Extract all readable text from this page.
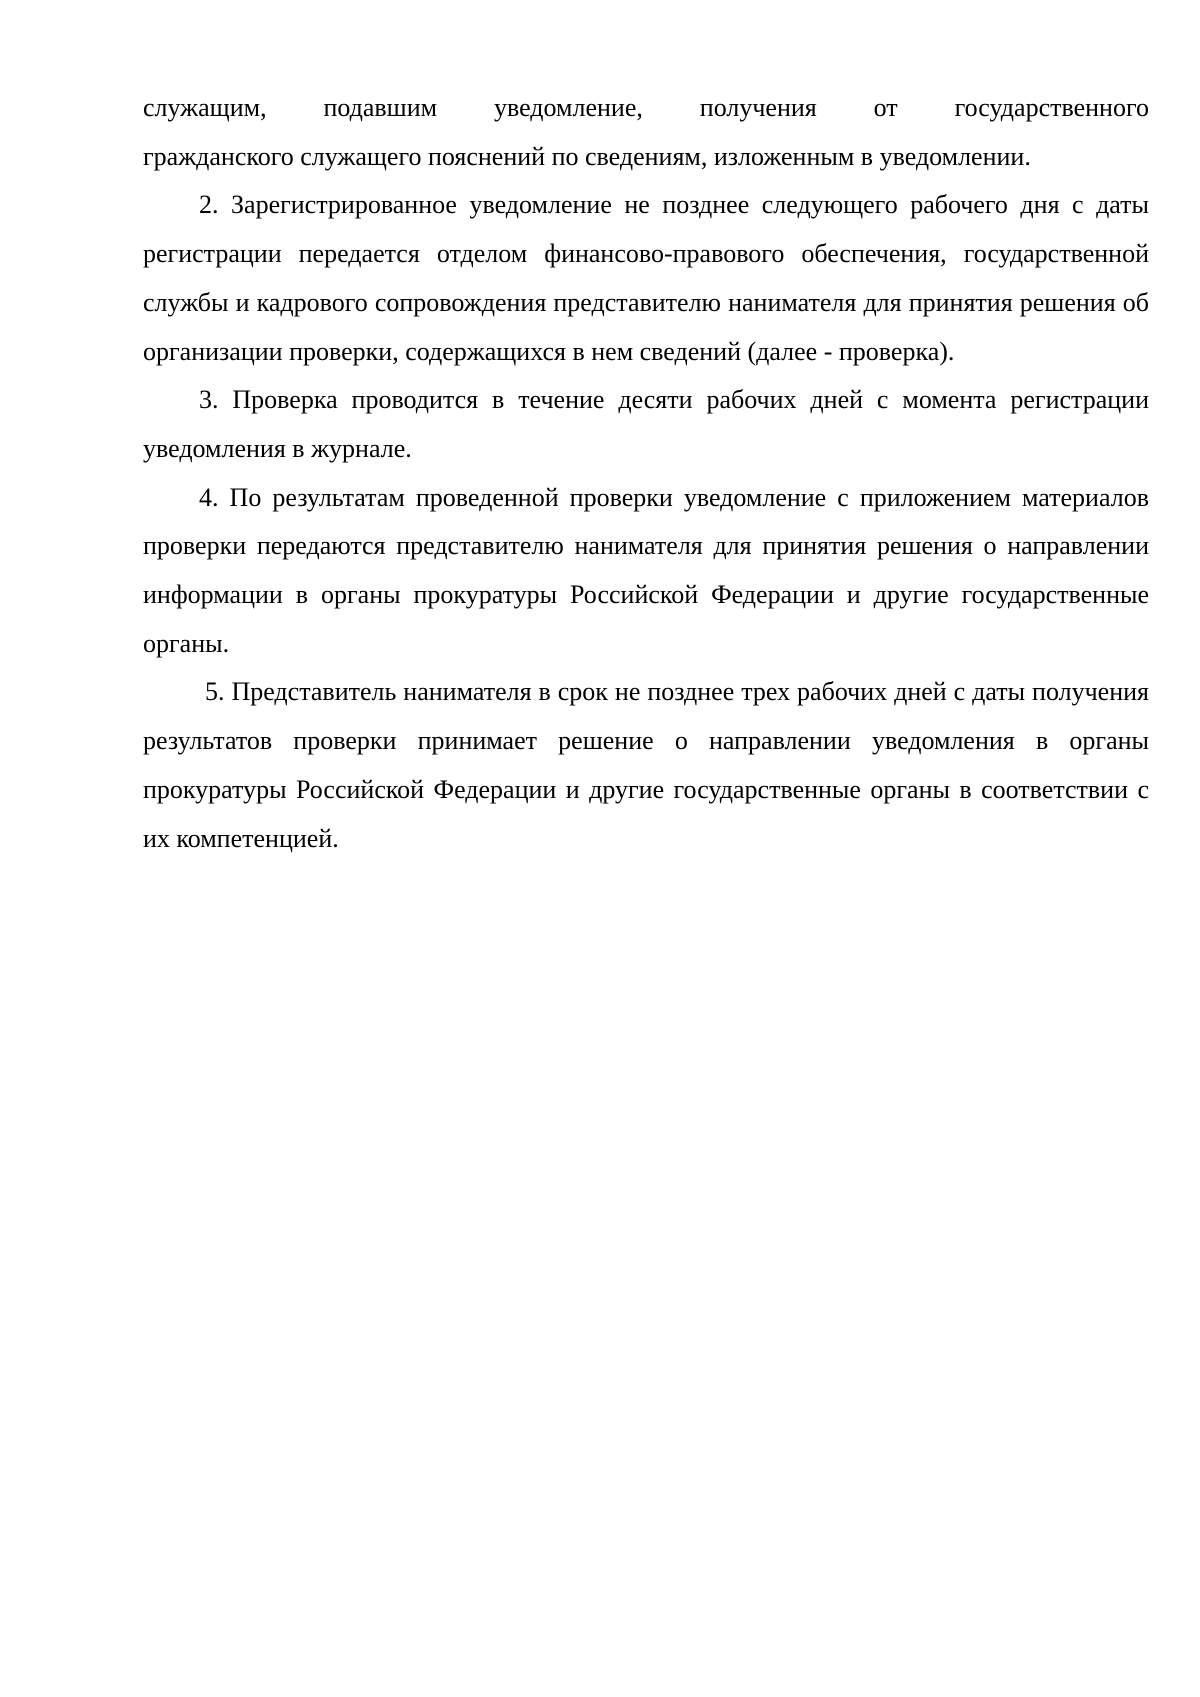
служащим, подавшим уведомление, получения от государственного
гражданского служащего пояснений по сведениям, изложенным в уведомлении.

2. Зарегистрированное уведомление не позднее следующего рабочего дня с даты регистрации передается отделом финансово-правового обеспечения, государственной службы и кадрового сопровождения представителю нанимателя для принятия решения об организации проверки, содержащихся в нем сведений (далее - проверка).

3. Проверка проводится в течение десяти рабочих дней с момента регистрации уведомления в журнале.

4. По результатам проведенной проверки уведомление с приложением материалов проверки передаются представителю нанимателя для принятия решения о направлении информации в органы прокуратуры Российской Федерации и другие государственные органы.

5. Представитель нанимателя в срок не позднее трех рабочих дней с даты получения результатов проверки принимает решение о направлении уведомления в органы прокуратуры Российской Федерации и другие государственные органы в соответствии с их компетенцией.
